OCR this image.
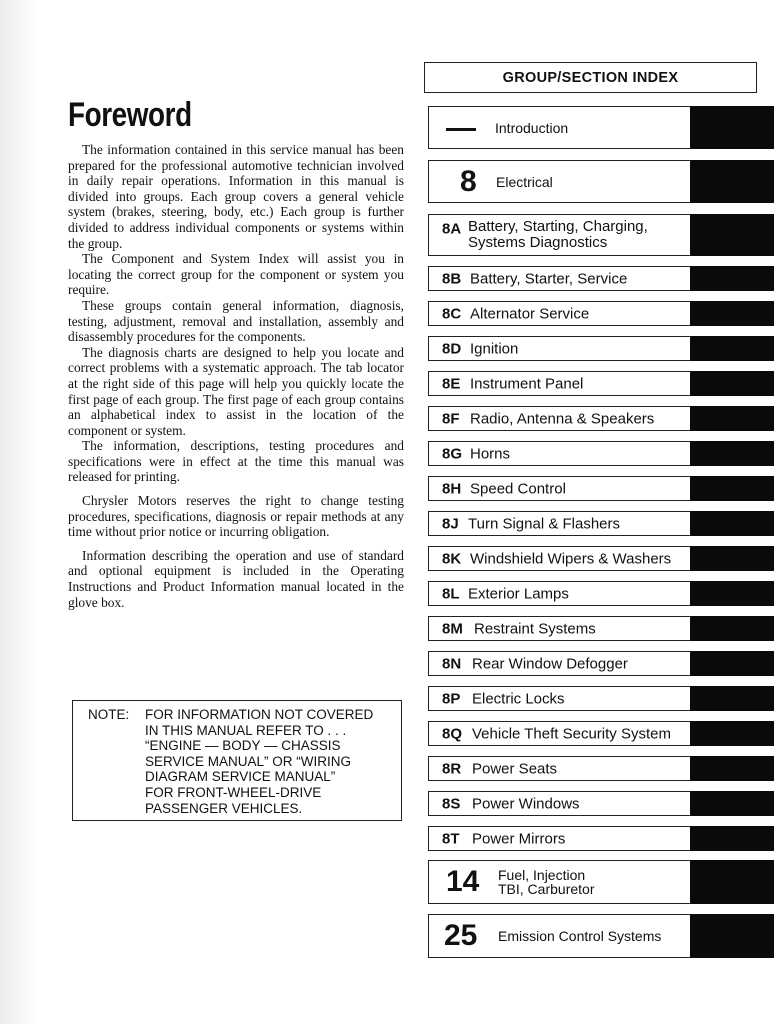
Foreword

The information contained in this service manual has been prepared for the professional automotive technician involved in daily repair operations. Information in this manual is divided into groups. Each group covers a general vehicle system (brakes, steering, body, etc.) Each group is further divided to address individual components or systems within the group.

The Component and System Index will assist you in locating the correct group for the component or system you require.

These groups contain general information, diagnosis, testing, adjustment, removal and installation, assembly and disassembly procedures for the components.

The diagnosis charts are designed to help you locate and correct problems with a systematic approach. The tab locator at the right side of this page will help you quickly locate the first page of each group. The first page of each group contains an alphabetical index to assist in the location of the component or system.

The information, descriptions, testing procedures and specifications were in effect at the time this manual was released for printing.

Chrysler Motors reserves the right to change testing procedures, specifications, diagnosis or repair methods at any time without prior notice or incurring obligation.

Information describing the operation and use of standard and optional equipment is included in the Operating Instructions and Product Information manual located in the glove box.

NOTE: FOR INFORMATION NOT COVERED
IN THIS MANUAL REFER TO . . .
“ENGINE — BODY — CHASSIS
SERVICE MANUAL” OR “WIRING
DIAGRAM SERVICE MANUAL”
FOR FRONT-WHEEL-DRIVE
PASSENGER VEHICLES.
GROUP/SECTION INDEX
Introduction
8 Electrical
8A Battery, Starting, Charging,
Systems Diagnostics
8B Battery, Starter, Service
8C Alternator Service
8D Ignition
8E Instrument Panel
8F Radio, Antenna & Speakers
8G Horns
8H Speed Control
8J Turn Signal & Flashers
8K Windshield Wipers & Washers
8L Exterior Lamps
8M Restraint Systems
8N Rear Window Defogger
8P Electric Locks
8Q Vehicle Theft Security System
8R Power Seats
8S Power Windows
8T Power Mirrors
14 Fuel, Injection
TBI, Carburetor
25 Emission Control Systems
